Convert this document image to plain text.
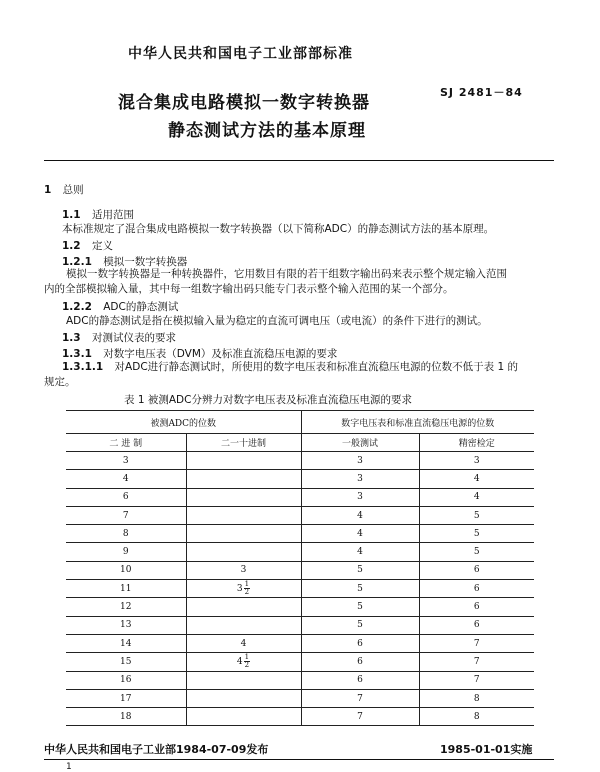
中华人民共和国电子工业部部标准
混合集成电路模拟一数字转换器
静态测试方法的基本原理
SJ 2481－84
1 总则
1.1 适用范围
本标准规定了混合集成电路模拟一数字转换器（以下简称ADC）的静态测试方法的基本原理。
1.2 定义
1.2.1 模拟一数字转换器
模拟一数字转换器是一种转换器件，它用数目有限的若干组数字输出码来表示整个规定输入范围
内的全部模拟输入量，其中每一组数字输出码只能专门表示整个输入范围的某一个部分。
1.2.2 ADC的静态测试
ADC的静态测试是指在模拟输入量为稳定的直流可调电压（或电流）的条件下进行的测试。
1.3 对测试仪表的要求
1.3.1 对数字电压表（DVM）及标准直流稳压电源的要求
1.3.1.1 对ADC进行静态测试时，所使用的数字电压表和标准直流稳压电源的位数不低于表 1 的
规定。
表 1 被测ADC分辨力对数字电压表及标准直流稳压电源的要求
被测ADC的位数		数字电压表和标准直流稳压电源的位数	
二 进 制	二一十进制	一般测试	精密检定
3		3	3
4		3	4
6		3	4
7		4	5
8		4	5
9		4	5
10	3	5	6
11	$3 \frac{1}{2}$	5	6
12		5	6
13		5	6
14	4	6	7
15	$4 \frac{1}{2}$	6	7
16		6	7
17		7	8
18		7	8
中华人民共和国电子工业部1984-07-09发布	1985-01-01实施
1
